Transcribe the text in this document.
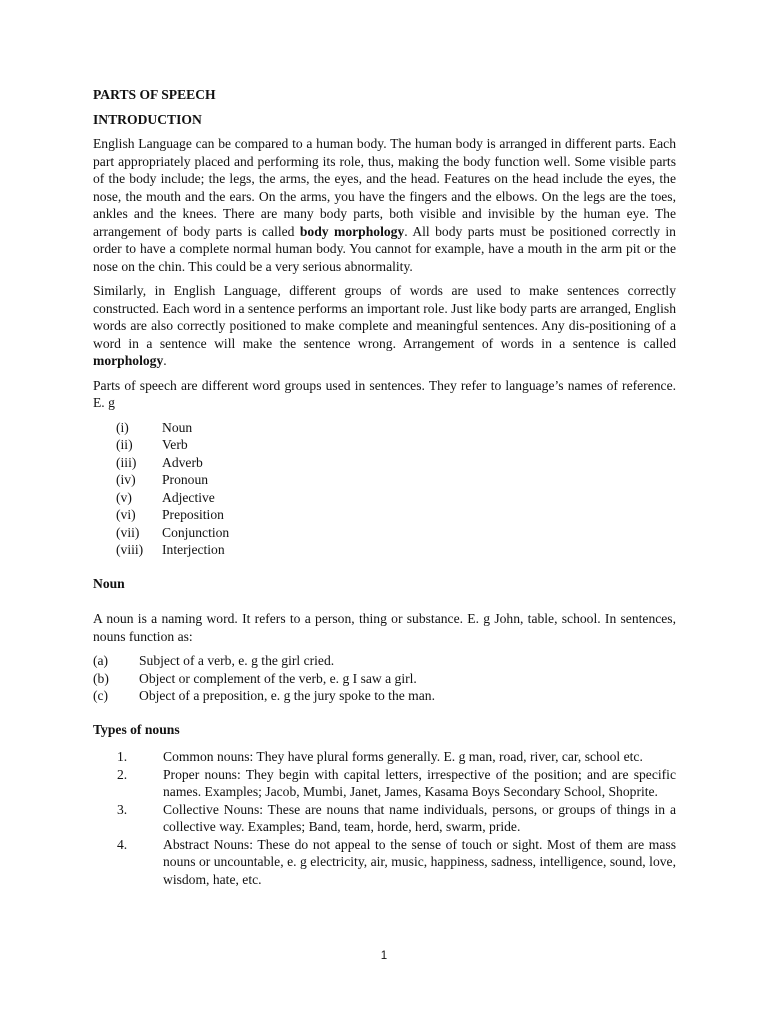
PARTS OF SPEECH
INTRODUCTION

English Language can be compared to a human body. The human body is arranged in different parts. Each part appropriately placed and performing its role, thus, making the body function well. Some visible parts of the body include; the legs, the arms, the eyes, and the head. Features on the head include the eyes, the nose, the mouth and the ears. On the arms, you have the fingers and the elbows. On the legs are the toes, ankles and the knees. There are many body parts, both visible and invisible by the human eye. The arrangement of body parts is called body morphology. All body parts must be positioned correctly in order to have a complete normal human body. You cannot for example, have a mouth in the arm pit or the nose on the chin. This could be a very serious abnormality.

Similarly, in English Language, different groups of words are used to make sentences correctly constructed. Each word in a sentence performs an important role. Just like body parts are arranged, English words are also correctly positioned to make complete and meaningful sentences. Any dis-positioning of a word in a sentence will make the sentence wrong. Arrangement of words in a sentence is called morphology.

Parts of speech are different word groups used in sentences. They refer to language’s names of reference. E. g

(i)	Noun
(ii)	Verb
(iii)	Adverb
(iv)	Pronoun
(v)	Adjective
(vi)	Preposition
(vii)	Conjunction
(viii)	Interjection
Noun

A noun is a naming word. It refers to a person, thing or substance. E. g John, table, school. In sentences, nouns function as:

(a)	Subject of a verb, e. g the girl cried.
(b)	Object or complement of the verb, e. g I saw a girl.
(c)	Object of a preposition, e. g the jury spoke to the man.
Types of nouns
1.	Common nouns: They have plural forms generally. E. g man, road, river, car, school etc.
2.	Proper nouns: They begin with capital letters, irrespective of the position; and are specific names. Examples; Jacob, Mumbi, Janet, James, Kasama Boys Secondary School, Shoprite.
3.	Collective Nouns: These are nouns that name individuals, persons, or groups of things in a collective way. Examples; Band, team, horde, herd, swarm, pride.
4.	Abstract Nouns: These do not appeal to the sense of touch or sight. Most of them are mass nouns or uncountable, e. g electricity, air, music, happiness, sadness, intelligence, sound, love, wisdom, hate, etc.
1
